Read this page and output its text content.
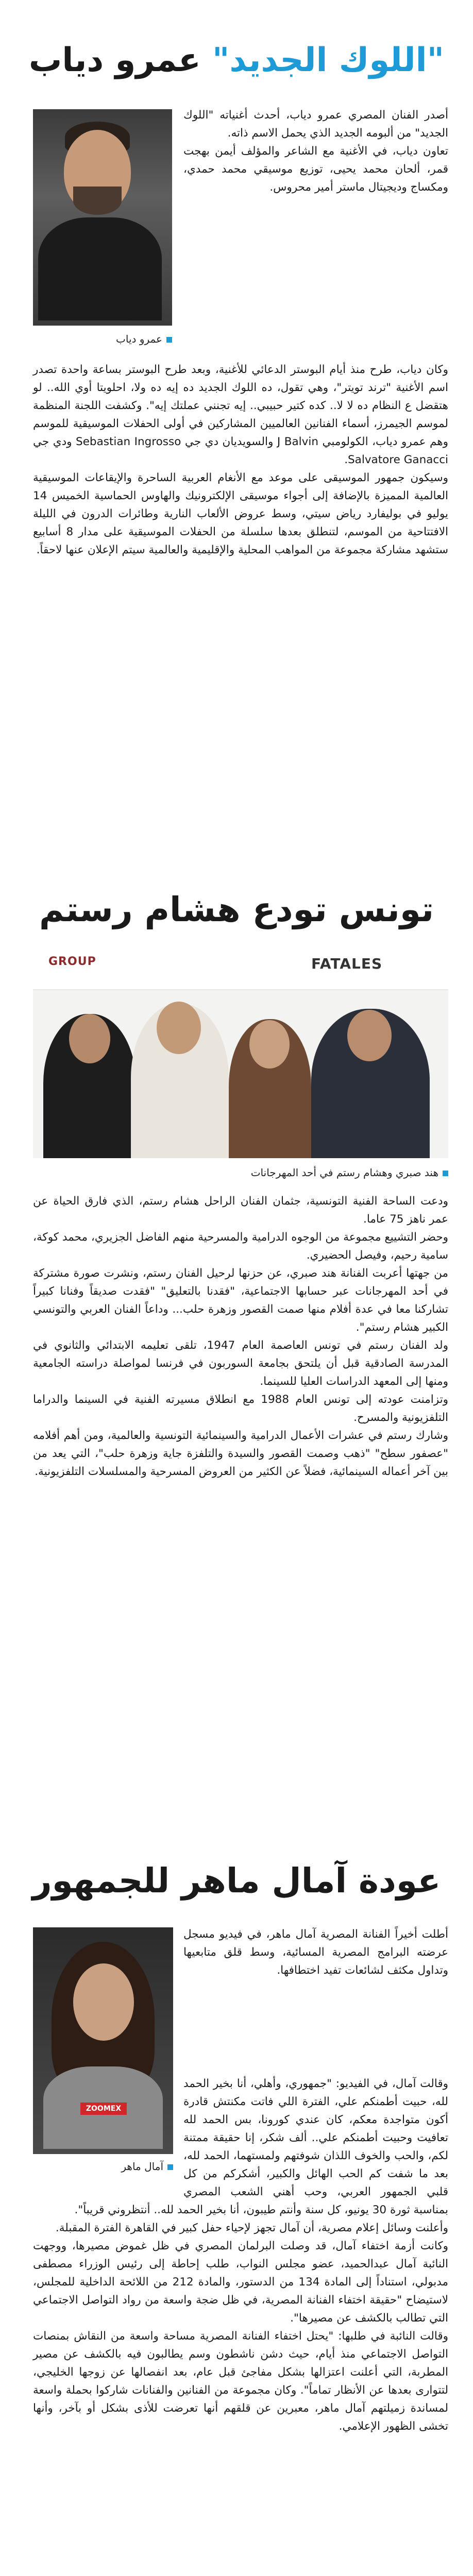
"اللوك الجديد" عمرو دياب
عمرو دياب

أصدر الفنان المصري عمرو دياب، أحدث أغنياته "اللوك الجديد" من ألبومه الجديد الذي يحمل الاسم ذاته.

تعاون دياب، في الأغنية مع الشاعر والمؤلف أيمن بهجت قمر، ألحان محمد يحيى، توزيع موسيقي محمد حمدي، ومكساج وديجيتال ماستر أمير محروس.

وكان دياب، طرح منذ أيام البوستر الدعائي للأغنية، وبعد طرح البوستر بساعة واحدة تصدر اسم الأغنية "ترند تويتر"، وهي تقول، ده اللوك الجديد ده إيه ده ولا، احلويتا أوي الله.. لو هتقضل ع النظام ده لا لا.. كده كتير حبيبي.. إيه تجنني عملتك إيه". وكشفت اللجنة المنظمة لموسم الجيمرز، أسماء الفنانين العالميين المشاركين في أولى الحفلات الموسيقية للموسم وهم عمرو دياب، الكولومبي J Balvin والسويديان دي جي Sebastian Ingrosso ودي جي Salvatore Ganacci.

وسيكون جمهور الموسيقى على موعد مع الأنغام العربية الساحرة والإيقاعات الموسيقية العالمية المميزة بالإضافة إلى أجواء موسيقى الإلكترونيك والهاوس الحماسية الخميس 14 يوليو في بوليفارد رياض سيتي، وسط عروض الألعاب النارية وطائرات الدرون في الليلة الافتتاحية من الموسم، لتنطلق بعدها سلسلة من الحفلات الموسيقية على مدار 8 أسابيع ستشهد مشاركة مجموعة من المواهب المحلية والإقليمية والعالمية سيتم الإعلان عنها لاحقاً.

تونس تودع هشام رستم
FATALES
GROUP
هند صبري وهشام رستم في أحد المهرجانات

ودعت الساحة الفنية التونسية، جثمان الفنان الراحل هشام رستم، الذي فارق الحياة عن عمر ناهز 75 عاما.

وحضر التشييع مجموعة من الوجوه الدرامية والمسرحية منهم الفاضل الجزيري، محمد كوكة، سامية رحيم، وفيصل الحضيري.

من جهتها أعربت الفنانة هند صبري، عن حزنها لرحيل الفنان رستم، ونشرت صورة مشتركة في أحد المهرجانات عبر حسابها الاجتماعية، "فقدنا بالتعليق" "فقدت صديقاً وفنانا كبيراً تشاركنا معا في عدة أفلام منها صمت القصور وزهرة حلب... وداعاً الفنان العربي والتونسي الكبير هشام رستم".

ولد الفنان رستم في تونس العاصمة العام 1947، تلقى تعليمه الابتدائي والثانوي في المدرسة الصادقية قبل أن يلتحق بجامعة السوربون في فرنسا لمواصلة دراسته الجامعية ومنها إلى المعهد الدراسات العليا للسينما.

وتزامنت عودته إلى تونس العام 1988 مع انطلاق مسيرته الفنية في السينما والدراما التلفزيونية والمسرح.

وشارك رستم في عشرات الأعمال الدرامية والسينمائية التونسية والعالمية، ومن أهم أفلامه "عصفور سطح" "ذهب وصمت القصور والسيدة والتلفزة جاية وزهرة حلب"، التي يعد من بين آخر أعماله السينمائية، فضلاً عن الكثير من العروض المسرحية والمسلسلات التلفزيونية.

عودة آمال ماهر للجمهور
ZOOMEX
آمال ماهر

أطلت أخيراً الفنانة المصرية آمال ماهر، في فيديو مسجل عرضته البرامج المصرية المسائية، وسط قلق متابعيها وتداول مكثف لشائعات تفيد اختطافها.

وقالت آمال، في الفيديو: "جمهوري، وأهلي، أنا بخير الحمد لله، حبيت أطمنكم علي، الفترة اللي فاتت مكنتش قادرة أكون متواجدة معكم، كان عندي كورونا، بس الحمد لله تعافيت وحبيت أطمنكم علي.. ألف شكر، إنا حقيقة ممتنة لكم، والحب والخوف اللذان شوفتهم ولمستهما، الحمد لله، بعد ما شفت كم الحب الهائل والكبير، أشكركم من كل قلبي الجمهور العربي، وحب أهني الشعب المصري بمناسبة ثورة 30 يونيو، كل سنة وأنتم طيبون، أنا بخير الحمد لله.. أنتظروني قريباً".

وأعلنت وسائل إعلام مصرية، أن آمال تجهز لإحياء حفل كبير في القاهرة الفترة المقبلة.

وكانت أزمة اختفاء آمال، قد وصلت البرلمان المصري في ظل غموض مصيرها، ووجهت النائبة آمال عبدالحميد، عضو مجلس النواب، طلب إحاطة إلى رئيس الوزراء مصطفى مدبولي، استناداً إلى المادة 134 من الدستور، والمادة 212 من اللائحة الداخلية للمجلس، لاستيضاح "حقيقة اختفاء الفنانة المصرية، في ظل ضجة واسعة من رواد التواصل الاجتماعي التي تطالب بالكشف عن مصيرها".

وقالت النائبة في طلبها: "يحتل اختفاء الفنانة المصرية مساحة واسعة من النقاش بمنصات التواصل الاجتماعي منذ أيام، حيث دشن ناشطون وسم يطالبون فيه بالكشف عن مصير المطربة، التي أعلنت اعتزالها بشكل مفاجئ قبل عام، بعد انفصالها عن زوجها الخليجي، لتتوارى بعدها عن الأنظار تماماً". وكان مجموعة من الفنانين والفنانات شاركوا بحملة واسعة لمساندة زميلتهم آمال ماهر، معبرين عن قلقهم أنها تعرضت للأذى بشكل أو بآخر، وأنها تخشى الظهور الإعلامي.
